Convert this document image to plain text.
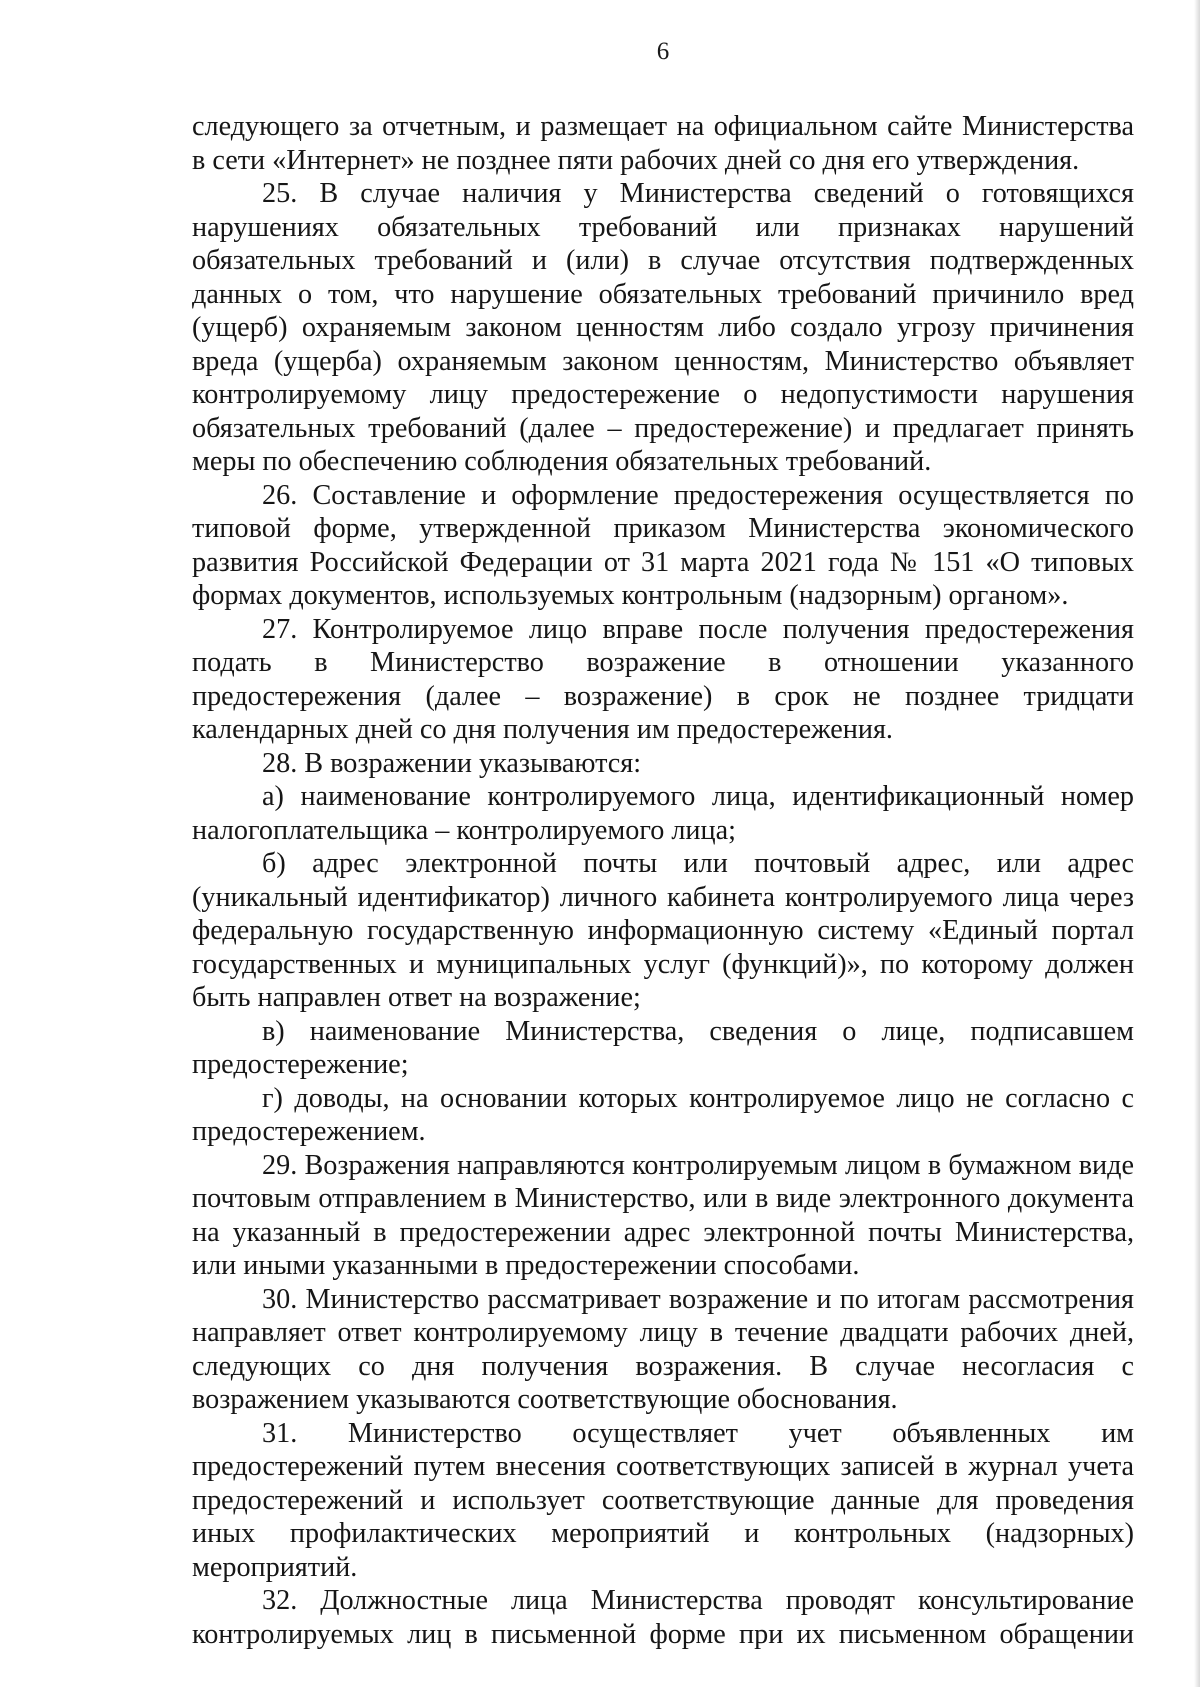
6

следующего за отчетным, и размещает на официальном сайте Министерства в сети «Интернет» не позднее пяти рабочих дней со дня его утверждения.

25. В случае наличия у Министерства сведений о готовящихся нарушениях обязательных требований или признаках нарушений обязательных требований и (или) в случае отсутствия подтвержденных данных о том, что нарушение обязательных требований причинило вред (ущерб) охраняемым законом ценностям либо создало угрозу причинения вреда (ущерба) охраняемым законом ценностям, Министерство объявляет контролируемому лицу предостережение о недопустимости нарушения обязательных требований (далее – предостережение) и предлагает принять меры по обеспечению соблюдения обязательных требований.

26. Составление и оформление предостережения осуществляется по типовой форме, утвержденной приказом Министерства экономического развития Российской Федерации от 31 марта 2021 года № 151 «О типовых формах документов, используемых контрольным (надзорным) органом».

27. Контролируемое лицо вправе после получения предостережения подать в Министерство возражение в отношении указанного предостережения (далее – возражение) в срок не позднее тридцати календарных дней со дня получения им предостережения.

28. В возражении указываются:

а) наименование контролируемого лица, идентификационный номер налогоплательщика – контролируемого лица;

б) адрес электронной почты или почтовый адрес, или адрес (уникальный идентификатор) личного кабинета контролируемого лица через федеральную государственную информационную систему «Единый портал государственных и муниципальных услуг (функций)», по которому должен быть направлен ответ на возражение;

в) наименование Министерства, сведения о лице, подписавшем предостережение;

г) доводы, на основании которых контролируемое лицо не согласно с предостережением.

29. Возражения направляются контролируемым лицом в бумажном виде почтовым отправлением в Министерство, или в виде электронного документа на указанный в предостережении адрес электронной почты Министерства, или иными указанными в предостережении способами.

30. Министерство рассматривает возражение и по итогам рассмотрения направляет ответ контролируемому лицу в течение двадцати рабочих дней, следующих со дня получения возражения. В случае несогласия с возражением указываются соответствующие обоснования.

31. Министерство осуществляет учет объявленных им предостережений путем внесения соответствующих записей в журнал учета предостережений и использует соответствующие данные для проведения иных профилактических мероприятий и контрольных (надзорных) мероприятий.

32. Должностные лица Министерства проводят консультирование контролируемых лиц в письменной форме при их письменном обращении
